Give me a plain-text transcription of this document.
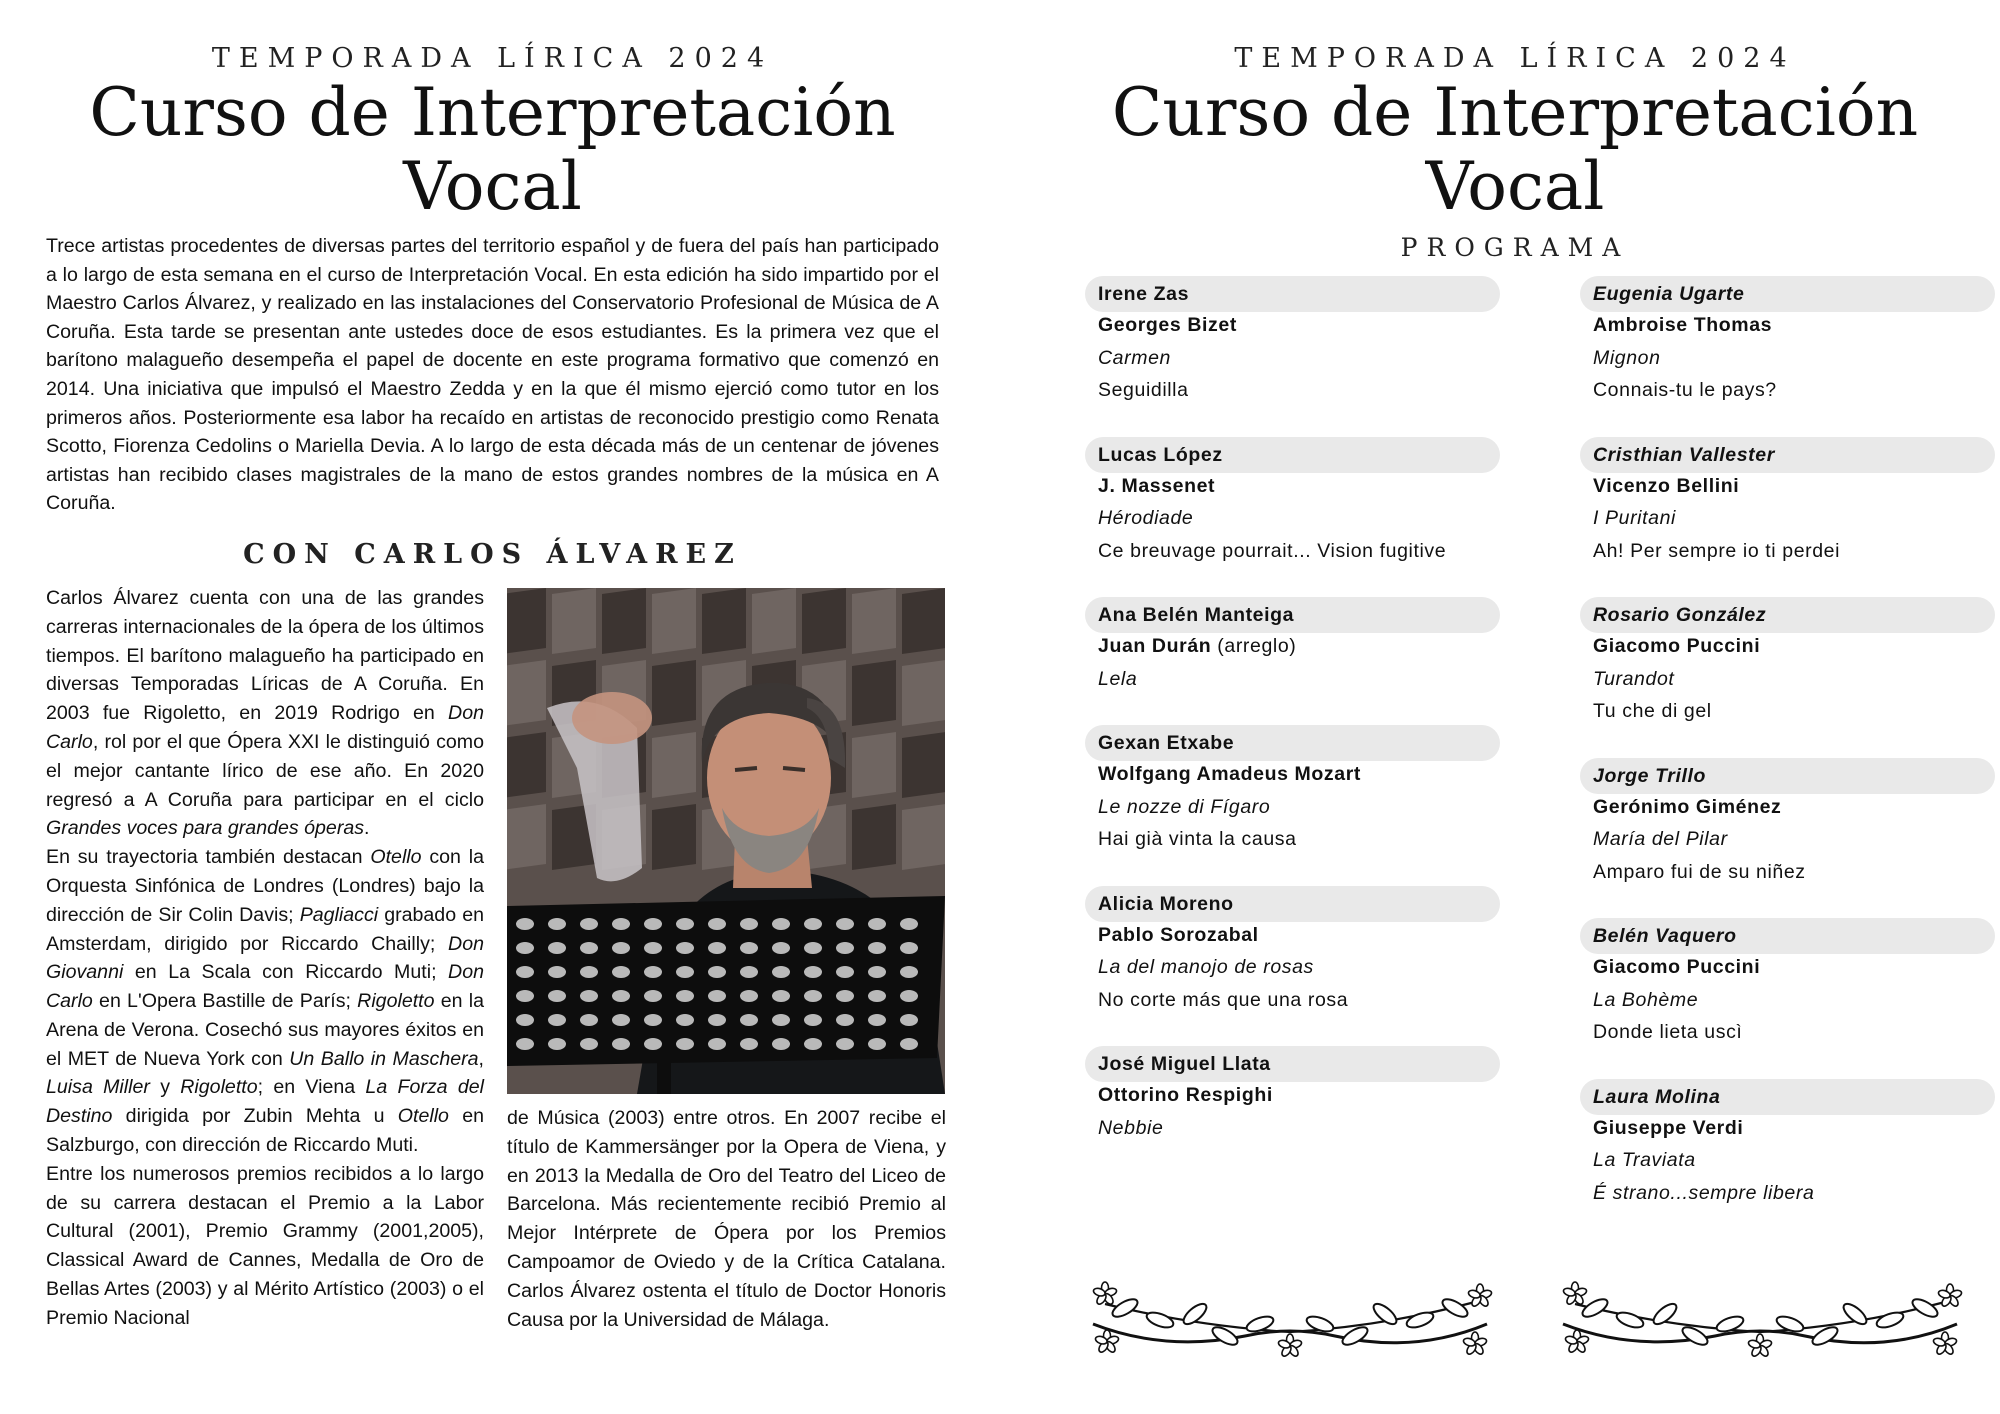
TEMPORADA LÍRICA 2024

Curso de Interpretación
Vocal

Trece artistas procedentes de diversas partes del territorio español y de fuera del país han participado a lo largo de esta semana en el curso de Interpretación Vocal. En esta edición ha sido impartido por el Maestro Carlos Álvarez, y realizado en las instalaciones del Conservatorio Profesional de Música de A Coruña. Esta tarde se presentan ante ustedes doce de esos estudiantes. Es la primera vez que el barítono malagueño desempeña el papel de docente en este programa formativo que comenzó en 2014. Una iniciativa que impulsó el Maestro Zedda y en la que él mismo ejerció como tutor en los primeros años. Posteriormente esa labor ha recaído en artistas de reconocido prestigio como Renata Scotto, Fiorenza Cedolins o Mariella Devia. A lo largo de esta década más de un centenar de jóvenes artistas han recibido clases magistrales de la mano de estos grandes nombres de la música en A Coruña.

CON CARLOS ÁLVAREZ

Carlos Álvarez cuenta con una de las grandes carreras internacionales de la ópera de los últimos tiempos. El barítono malagueño ha participado en diversas Temporadas Líricas de A Coruña. En 2003 fue Rigoletto, en 2019 Rodrigo en Don Carlo, rol por el que Ópera XXI le distinguió como el mejor cantante lírico de ese año. En 2020 regresó a A Coruña para participar en el ciclo Grandes voces para grandes óperas.

En su trayectoria también destacan Otello con la Orquesta Sinfónica de Londres (Londres) bajo la dirección de Sir Colin Davis; Pagliacci grabado en Amsterdam, dirigido por Riccardo Chailly; Don Giovanni en La Scala con Riccardo Muti; Don Carlo en L'Opera Bastille de París; Rigoletto en la Arena de Verona. Cosechó sus mayores éxitos en el MET de Nueva York con Un Ballo in Maschera, Luisa Miller y Rigoletto; en Viena La Forza del Destino dirigida por Zubin Mehta u Otello en Salzburgo, con dirección de Riccardo Muti.

Entre los numerosos premios recibidos a lo largo de su carrera destacan el Premio a la Labor Cultural (2001), Premio Grammy (2001,2005), Classical Award de Cannes, Medalla de Oro de Bellas Artes (2003) y al Mérito Artístico (2003) o el Premio Nacional

de Música (2003) entre otros. En 2007 recibe el título de Kammersänger por la Opera de Viena, y en 2013 la Medalla de Oro del Teatro del Liceo de Barcelona. Más recientemente recibió Premio al Mejor Intérprete de Ópera por los Premios Campoamor de Oviedo y de la Crítica Catalana. Carlos Álvarez ostenta el título de Doctor Honoris Causa por la Universidad de Málaga.

TEMPORADA LÍRICA 2024

Curso de Interpretación
Vocal

PROGRAMA

Irene Zas
Georges Bizet
Carmen
Seguidilla
Lucas López
J. Massenet
Hérodiade
Ce breuvage pourrait... Vision fugitive
Ana Belén Manteiga
Juan Durán (arreglo)
Lela
Gexan Etxabe
Wolfgang Amadeus Mozart
Le nozze di Fígaro
Hai già vinta la causa
Alicia Moreno
Pablo Sorozabal
La del manojo de rosas
No corte más que una rosa
José Miguel Llata
Ottorino Respighi
Nebbie
Eugenia Ugarte
Ambroise Thomas
Mignon
Connais-tu le pays?
Cristhian Vallester
Vicenzo Bellini
I Puritani
Ah! Per sempre io ti perdei
Rosario González
Giacomo Puccini
Turandot
Tu che di gel
Jorge Trillo
Gerónimo Giménez
María del Pilar
Amparo fui de su niñez
Belén Vaquero
Giacomo Puccini
La Bohème
Donde lieta uscì
Laura Molina
Giuseppe Verdi
La Traviata
É strano...sempre libera
